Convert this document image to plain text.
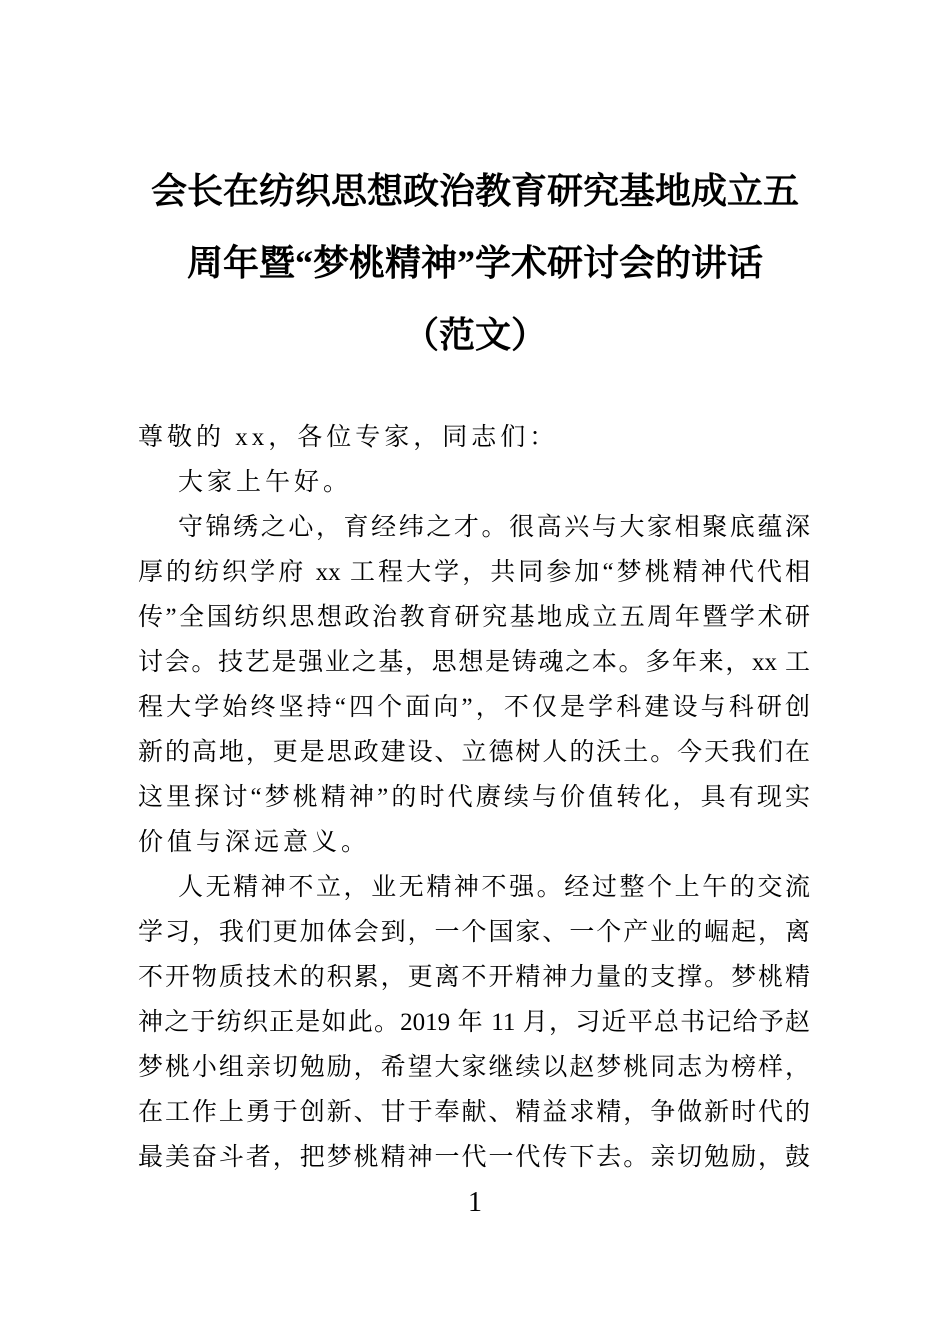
会长在纺织思想政治教育研究基地成立五
周年暨“梦桃精神”学术研讨会的讲话
（范文）
尊敬的 xx，各位专家，同志们：
大家上午好。
守锦绣之心，育经纬之才。很高兴与大家相聚底蕴深
厚的纺织学府 xx 工程大学，共同参加“梦桃精神代代相
传”全国纺织思想政治教育研究基地成立五周年暨学术研
讨会。技艺是强业之基，思想是铸魂之本。多年来，xx 工
程大学始终坚持“四个面向”，不仅是学科建设与科研创
新的高地，更是思政建设、立德树人的沃土。今天我们在
这里探讨“梦桃精神”的时代赓续与价值转化，具有现实
价值与深远意义。
人无精神不立，业无精神不强。经过整个上午的交流
学习，我们更加体会到，一个国家、一个产业的崛起，离
不开物质技术的积累，更离不开精神力量的支撑。梦桃精
神之于纺织正是如此。2019 年 11 月，习近平总书记给予赵
梦桃小组亲切勉励，希望大家继续以赵梦桃同志为榜样，
在工作上勇于创新、甘于奉献、精益求精，争做新时代的
最美奋斗者，把梦桃精神一代一代传下去。亲切勉励，鼓
1
